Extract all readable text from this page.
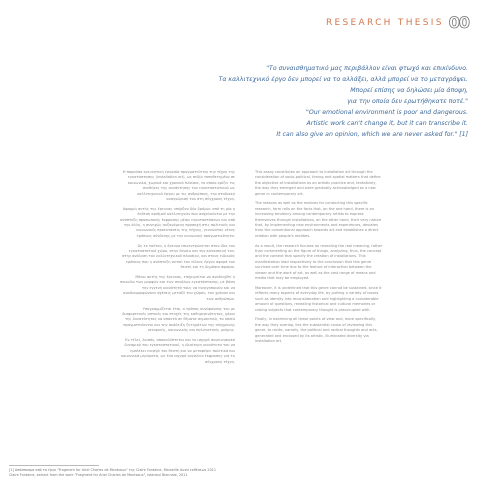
RESEARCH THESIS 00
"Το συναισθηματικό μας περιβάλλον είναι φτωχό και επικίνδυνο.
Τα καλλιτεχνικό έργο δεν μπορεί να το αλλάξει, αλλά μπορεί να το μεταγράψει.
Μπορεί επίσης να δηλώσει μία άποψη,
για την οποία δεν ερωτήθηκατε ποτέ."
"Our emotional environment is poor and dangerous.
Artistic work can't change it, but it can transcribe it.
It can also give an opinion, which we are never asked for." [1]

Η παρούσα ερευνητική εργασία πραγματεύεται την τέχνη της εγκατάστασης (installation art), ως πεδίο τοποθετημένο σε κοινωνικά, χωρικά και χρονικά πλαίσια, το οποίο ορίζει τις συνθήκες της συνάντησης του εγκαταστατικού ως καλλιτεχνικού έργου με τις ανθρώπους, την σταδιακή αναγνώρισή του στη σύγχρονη τέχνη.

Αφορμή αυτής της έρευνας υπήρξαν δύο δρόμοι: από τη μία η έκθεση αριθμού καλλιτεχνών που ασχολούνται με την ανάπτυξη προσωπικής έκφρασης μέσω εγκαταστάσεων και από την άλλη, η συνεχώς αυξανόμενη προσοχή στις πολιτικές και κοινωνικές προεκτάσεις της τέχνης, γεννώντας νέους τρόπους σύνδεσης με την κοινωνική πραγματικότητα.

Ως εκ τούτου, η έρευνα επικεντρώνεται στον ίδιο τον εγκαταστατικό χώρο, στην έννοια και την κατασκευή του, στην ανάλυση του καλλιτεχνικού πλαισίου, και στους ειδικούς τρόπους που η ανάπτυξη αυτού του είδους έργου αφορά τον θεατή και τη δημόσια σφαίρα.

Μέσω αυτής της έρευνας, επιχειρείται να αναδειχθεί η ποικιλία των μορφών και των συνόλων εγκατάστασης, με βάση την εγγενή ικανότητά τους να ενεργοποιούν και να αναδιαμορφώνουν σχέσεις μεταξύ του χώρου, του χρόνου και των ανθρώπων.

Υπογραμμίζεται έτσι, ο τρόπος συνύφανσης του με διαφορετικές οπτικές και πτυχές της καθημερινότητας, χάριν της δυνατότητας να απαντά σε θέματα σημαντικά, τα οποία πραγματεύονται και την ανάδειξη ζητημάτων της σύγχρονης ιστορικής, κοινωνικής και πολιτιστικής μνήμης.

Εν τέλει, λοιπόν, αποκαλύπτεται και το ισχυρό συγκινησιακό δυναμικό του εγκαταστατικού, η ιδιαίτερη ικανότητα του να εμπλέκει ενεργά τον θεατή και να μεταφέρει πολιτικά και κοινωνικά μηνύματα, ως ένα ισχυρό εργαλείο έκφρασης για τη σύγχρονη τέχνη.

This essay constitutes an approach to installation art through the consideration of socio-political, timing and spatial matters that define the objective of installations as an artistic practice and, tentatively, the way they emerged and were gradually acknowledged as a new genre in contemporary art.

The reasons as well as the motives for conducting this specific research, form rolls on the facts that, on the one hand, there is an increasing tendency among contemporary artists to express themselves through installations, on the other hand, their very nature that, by implementing new environments and experiences, deviates from the conventional approach towards art and establishes a direct relation with people's realities.

As a result, the research focuses on revealing the real meaning, rather than commenting on the figure of things, analyzing, thus, the concept and the context that specify the creation of installations. This manifestation lead respectively to the conclusion that this genre survived over time due to the feature of interaction between the viewer and the work of art, as well as the vast range of means and media that may be employed.

Moreover, it is underlined that this genre cannot be sustained, since it reflects many aspects of everyday life, by putting a variety of issues such as identity into reconsideration and highlighting a considerable amount of questions, revealing historical and cultural memories or raising subjects that contemporary thought is preoccupied with.

Finally, in examining all these points of view and, more specifically, the way they overlap, lies the substantial cause of reviewing this genre, to recite, namely, the political and radical thoughts and acts, generated and enclosed by its artistic, illuminated diversity via installation art.

[1] Απόσπασμα από το έργο "Fragment for Ariel Charles de Montsaux" της Claire Fontaine, Marseille Aussi εκθέσεων 2011
Claire Fontaine, extract from the work "Fragment for Ariel Charles de Montsaux", Istanbul Biennale, 2011
